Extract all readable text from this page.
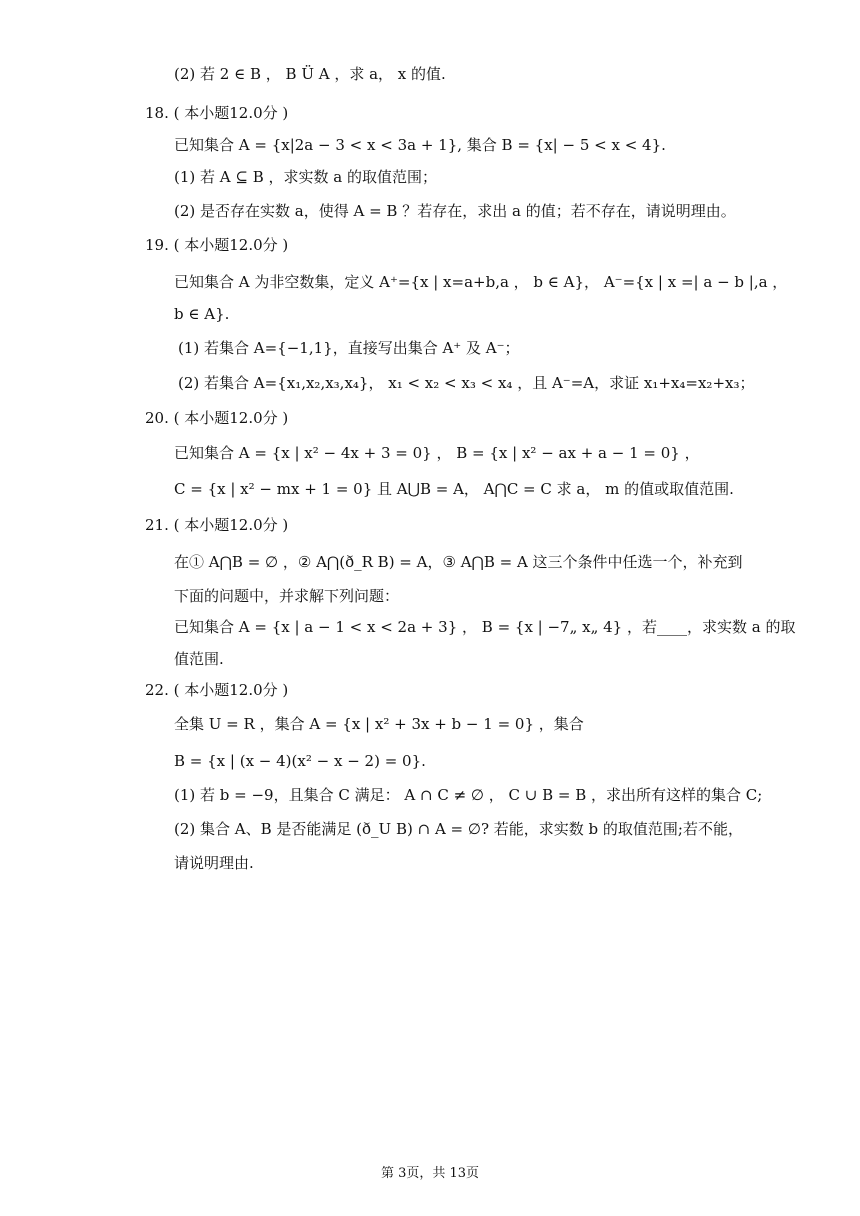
(2) 若 2 ∈ B ， B Ü A ，求 a， x 的值.
18. ( 本小题12.0分 )
已知集合 A = {x|2a − 3 < x < 3a + 1}, 集合 B = {x| − 5 < x < 4}.
(1) 若 A ⊆ B ，求实数 a 的取值范围；
(2) 是否存在实数 a，使得 A = B ？若存在，求出 a 的值；若不存在，请说明理由。
19. ( 本小题12.0分 )
已知集合 A 为非空数集，定义 A⁺={x | x=a+b,a ， b ∈ A}， A⁻={x | x =| a − b |,a ，
b ∈ A}.
(1) 若集合 A={−1,1}，直接写出集合 A⁺ 及 A⁻；
(2) 若集合 A={x₁,x₂,x₃,x₄}， x₁ < x₂ < x₃ < x₄ ，且 A⁻=A，求证 x₁+x₄=x₂+x₃；
20. ( 本小题12.0分 )
已知集合 A = {x | x² − 4x + 3 = 0} ， B = {x | x² − ax + a − 1 = 0} ，
C = {x | x² − mx + 1 = 0} 且 A⋃B = A， A⋂C = C 求 a， m 的值或取值范围.
21. ( 本小题12.0分 )
在① A⋂B = ∅ ，② A⋂(ð_R B) = A，③ A⋂B = A 这三个条件中任选一个，补充到
下面的问题中，并求解下列问题：
已知集合 A = {x | a − 1 < x < 2a + 3} ， B = {x | −7„ x„ 4} ，若____，求实数 a 的取
值范围.
22. ( 本小题12.0分 )
全集 U = R ，集合 A = {x | x² + 3x + b − 1 = 0} ，集合
B = {x | (x − 4)(x² − x − 2) = 0}.
(1) 若 b = −9，且集合 C 满足： A ∩ C ≠ ∅ ， C ∪ B = B ，求出所有这样的集合 C;
(2) 集合 A、B 是否能满足 (ð_U B) ∩ A = ∅? 若能，求实数 b 的取值范围;若不能，
请说明理由.
第 3页，共 13页
